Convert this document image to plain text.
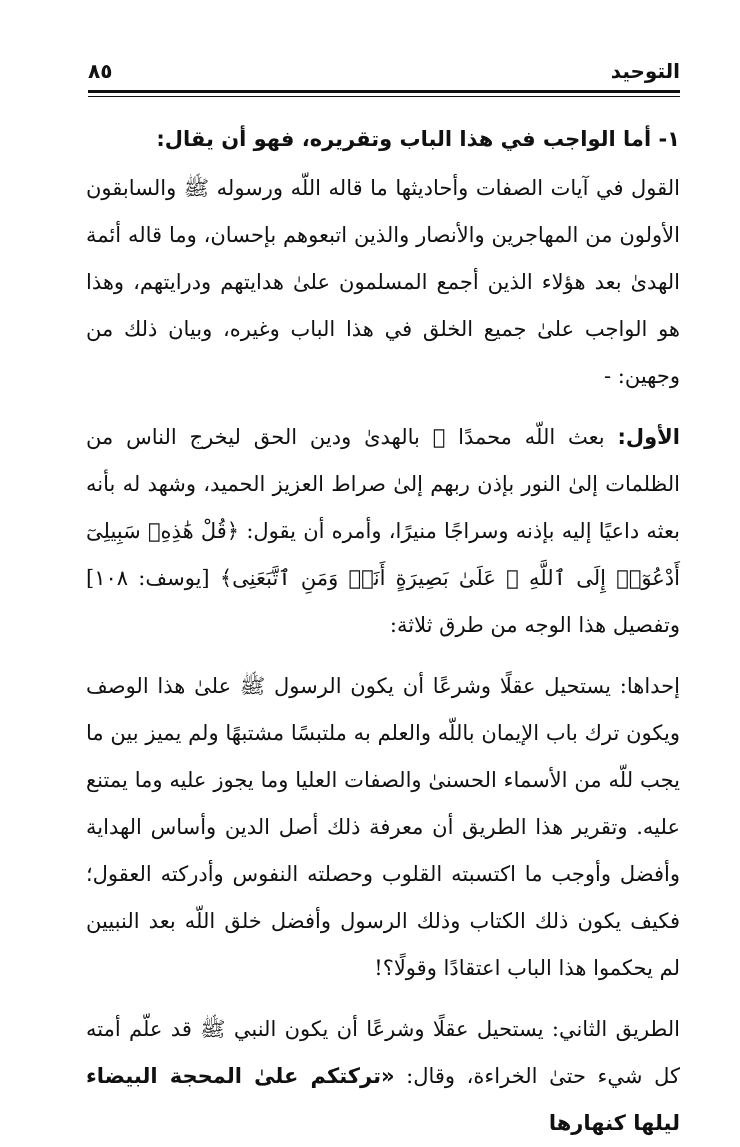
التوحيد
٨٥

١- أما الواجب في هذا الباب وتقريره، فهو أن يقال:

القول في آيات الصفات وأحاديثها ما قاله اللّه ورسوله ﷺ والسابقون الأولون من المهاجرين والأنصار والذين اتبعوهم بإحسان، وما قاله أئمة الهدىٰ بعد هؤلاء الذين أجمع المسلمون علىٰ هدايتهم ودرايتهم، وهذا هو الواجب علىٰ جميع الخلق في هذا الباب وغيره، وبيان ذلك من وجهين: -

الأول: بعث اللّه محمدًا ﷺ بالهدىٰ ودين الحق ليخرج الناس من الظلمات إلىٰ النور بإذن ربهم إلىٰ صراط العزيز الحميد، وشهد له بأنه بعثه داعيًا إليه بإذنه وسراجًا منيرًا، وأمره أن يقول: ﴿قُلْ هَٰذِهِۦ سَبِيلِىٓ أَدْعُوٓا۟ إِلَى ٱللَّهِ ۚ عَلَىٰ بَصِيرَةٍ أَنَا۠ وَمَنِ ٱتَّبَعَنِى﴾ [يوسف: ١٠٨] وتفصيل هذا الوجه من طرق ثلاثة:

إحداها: يستحيل عقلًا وشرعًا أن يكون الرسول ﷺ علىٰ هذا الوصف ويكون ترك باب الإيمان باللّه والعلم به ملتبسًا مشتبهًا ولم يميز بين ما يجب للّه من الأسماء الحسنىٰ والصفات العليا وما يجوز عليه وما يمتنع عليه. وتقرير هذا الطريق أن معرفة ذلك أصل الدين وأساس الهداية وأفضل وأوجب ما اكتسبته القلوب وحصلته النفوس وأدركته العقول؛ فكيف يكون ذلك الكتاب وذلك الرسول وأفضل خلق اللّه بعد النبيين لم يحكموا هذا الباب اعتقادًا وقولًا؟!

الطريق الثاني: يستحيل عقلًا وشرعًا أن يكون النبي ﷺ قد علّم أمته كل شيء حتىٰ الخراءة، وقال: «تركتكم علىٰ المحجة البيضاء ليلها كنهارها
